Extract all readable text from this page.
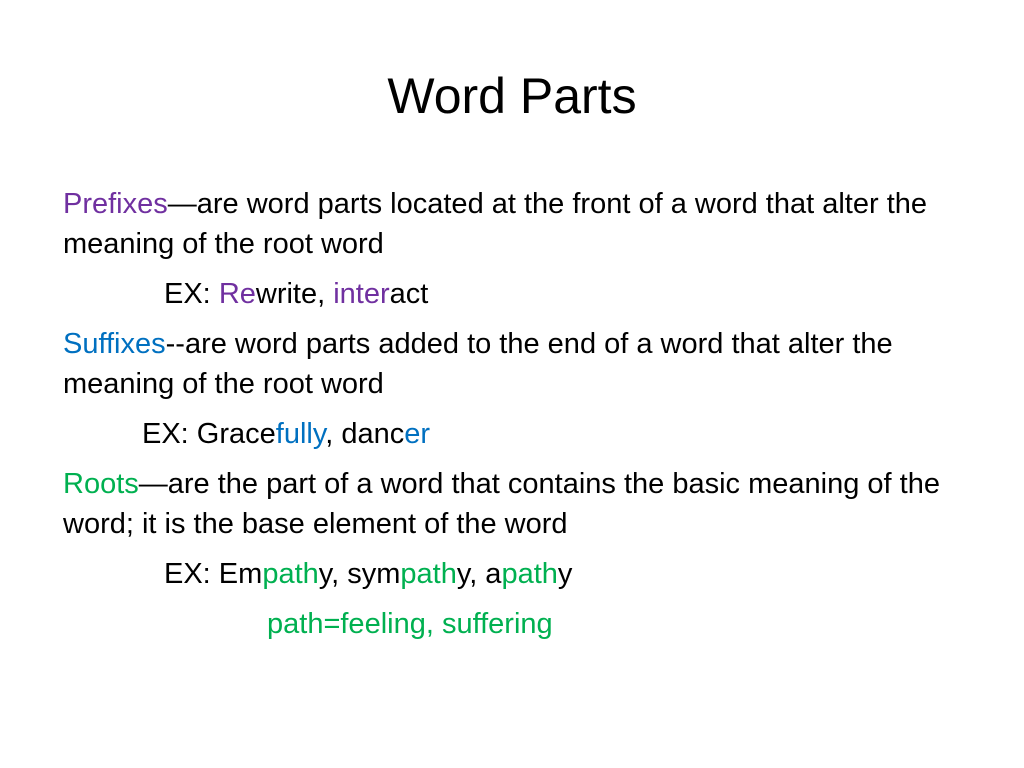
Word Parts
Prefixes—are word parts located at the front of a word that alter the meaning of the root word
EX: Rewrite, interact
Suffixes--are word parts added to the end of a word that alter the meaning of the root word
EX: Gracefully, dancer
Roots—are the part of a word that contains the basic meaning of the word; it is the base element of the word
EX: Empathy, sympathy, apathy
path=feeling, suffering
